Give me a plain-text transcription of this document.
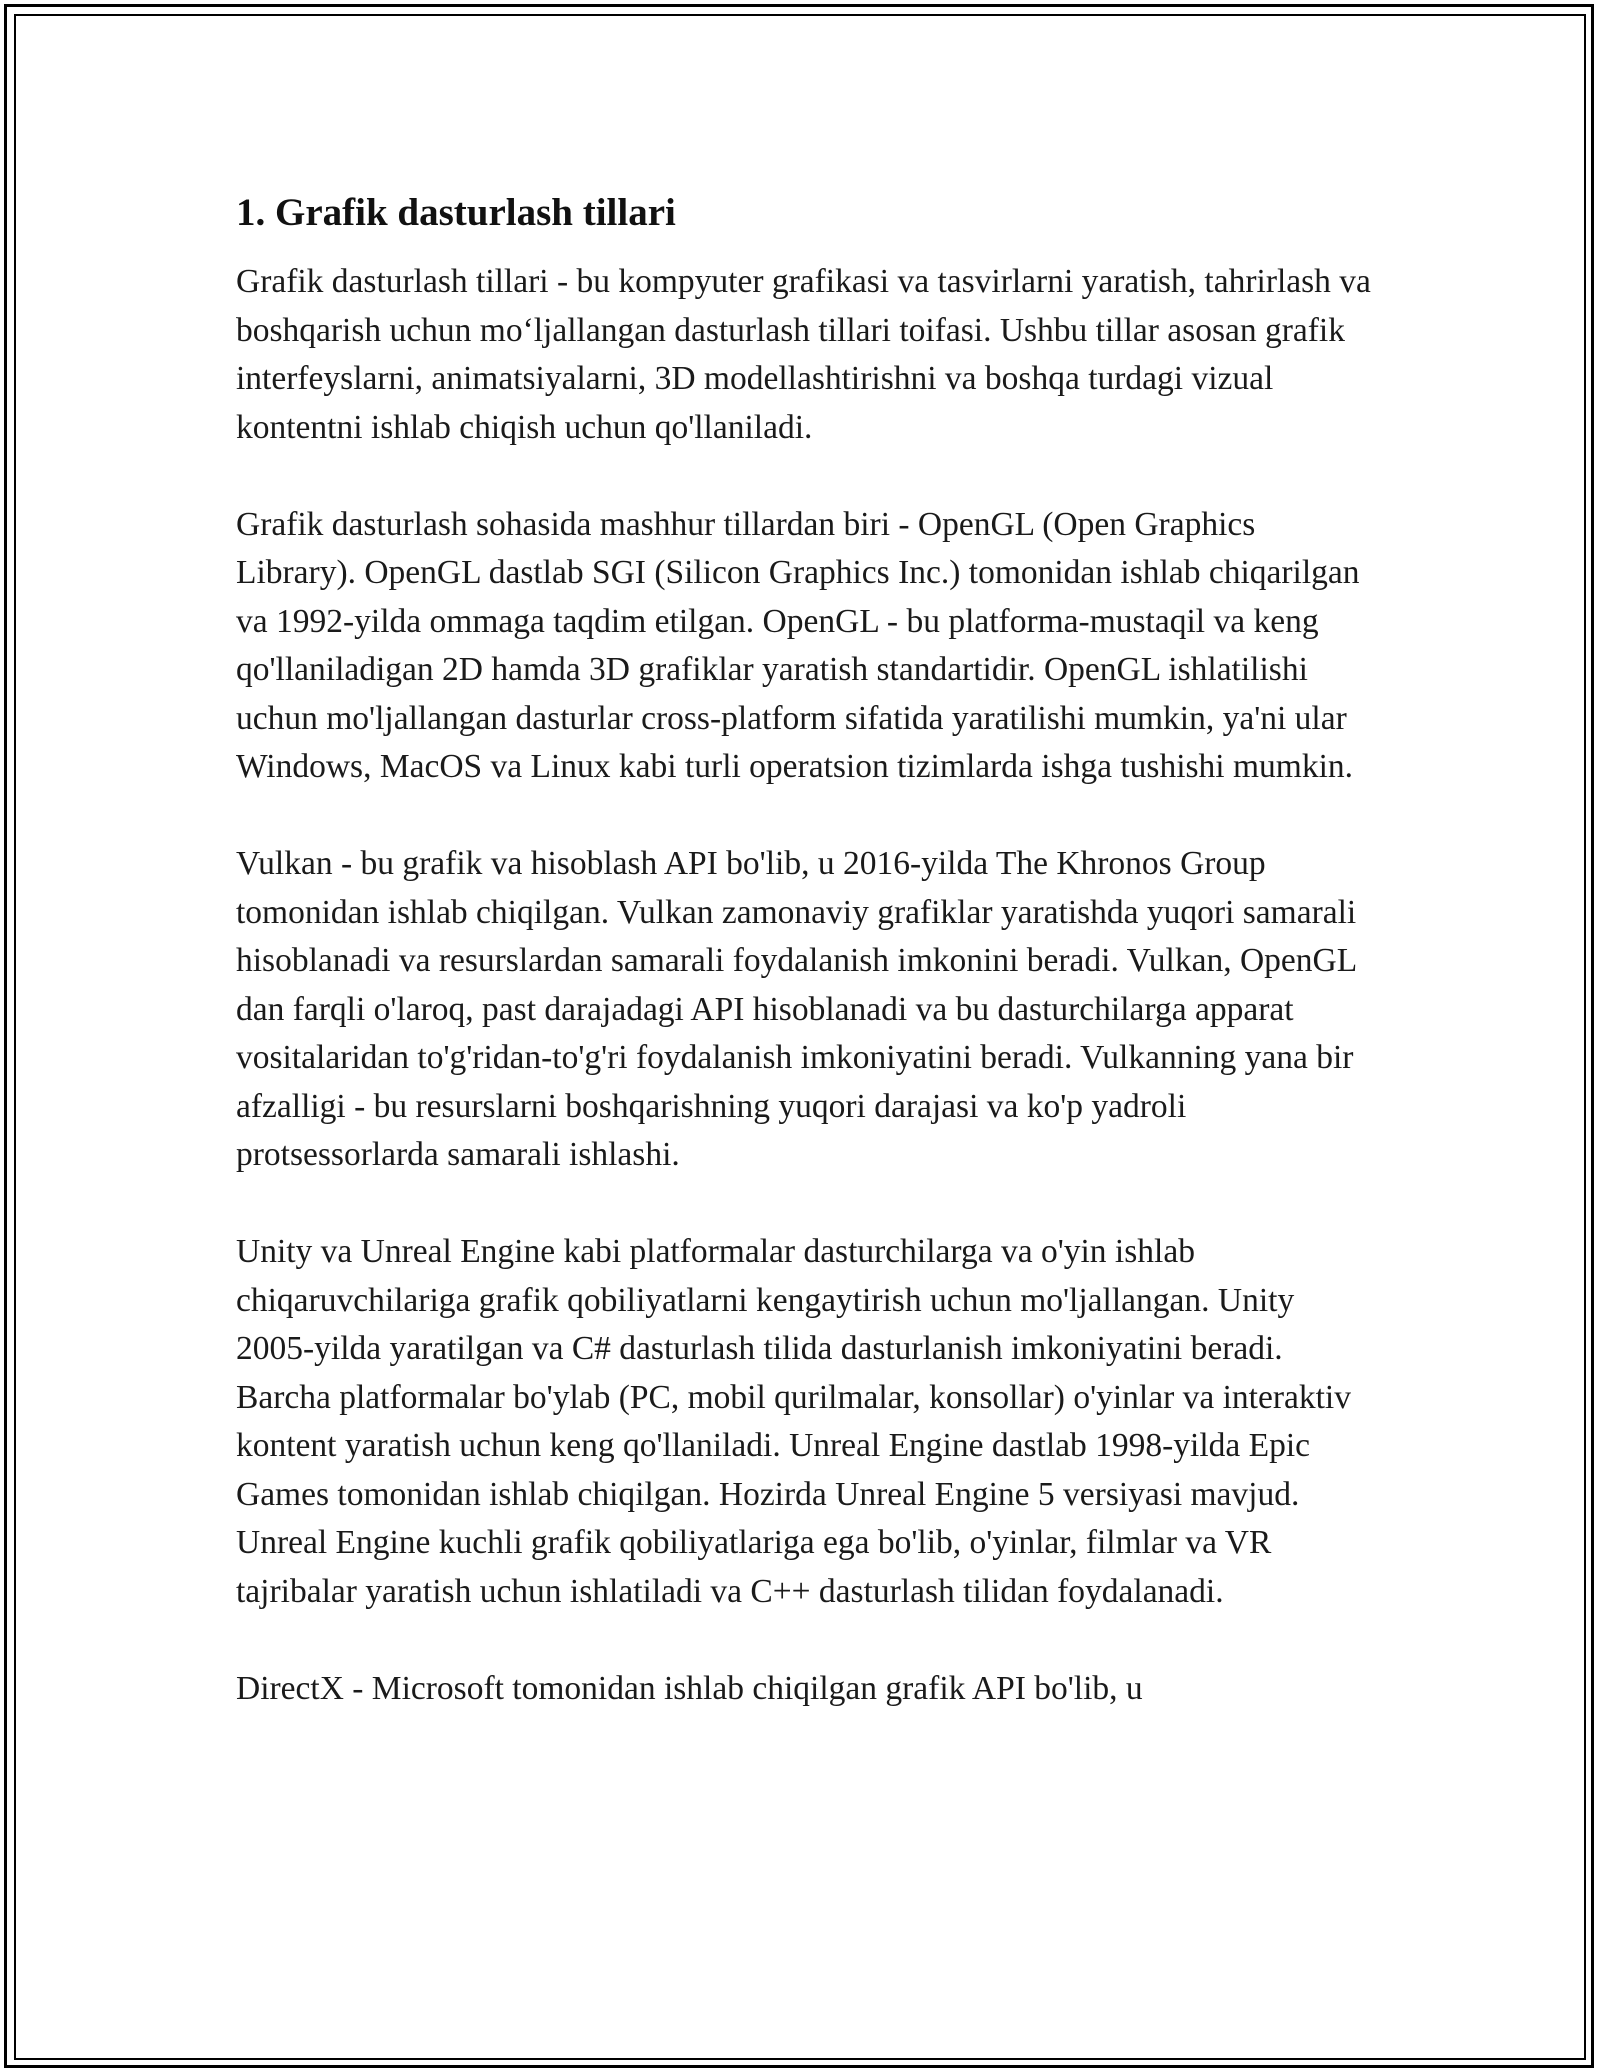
1. Grafik dasturlash tillari

Grafik dasturlash tillari - bu kompyuter grafikasi va tasvirlarni yaratish, tahrirlash va boshqarish uchun mo‘ljallangan dasturlash tillari toifasi. Ushbu tillar asosan grafik interfeyslarni, animatsiyalarni, 3D modellashtirishni va boshqa turdagi vizual kontentni ishlab chiqish uchun qo'llaniladi.

Grafik dasturlash sohasida mashhur tillardan biri - OpenGL (Open Graphics Library). OpenGL dastlab SGI (Silicon Graphics Inc.) tomonidan ishlab chiqarilgan va 1992-yilda ommaga taqdim etilgan. OpenGL - bu platforma-mustaqil va keng qo'llaniladigan 2D hamda 3D grafiklar yaratish standartidir. OpenGL ishlatilishi uchun mo'ljallangan dasturlar cross-platform sifatida yaratilishi mumkin, ya'ni ular Windows, MacOS va Linux kabi turli operatsion tizimlarda ishga tushishi mumkin.

Vulkan - bu grafik va hisoblash API bo'lib, u 2016-yilda The Khronos Group tomonidan ishlab chiqilgan. Vulkan zamonaviy grafiklar yaratishda yuqori samarali hisoblanadi va resurslardan samarali foydalanish imkonini beradi. Vulkan, OpenGL dan farqli o'laroq, past darajadagi API hisoblanadi va bu dasturchilarga apparat vositalaridan to'g'ridan-to'g'ri foydalanish imkoniyatini beradi. Vulkanning yana bir afzalligi - bu resurslarni boshqarishning yuqori darajasi va ko'p yadroli protsessorlarda samarali ishlashi.

Unity va Unreal Engine kabi platformalar dasturchilarga va o'yin ishlab chiqaruvchilariga grafik qobiliyatlarni kengaytirish uchun mo'ljallangan. Unity 2005-yilda yaratilgan va C# dasturlash tilida dasturlanish imkoniyatini beradi. Barcha platformalar bo'ylab (PC, mobil qurilmalar, konsollar) o'yinlar va interaktiv kontent yaratish uchun keng qo'llaniladi. Unreal Engine dastlab 1998-yilda Epic Games tomonidan ishlab chiqilgan. Hozirda Unreal Engine 5 versiyasi mavjud. Unreal Engine kuchli grafik qobiliyatlariga ega bo'lib, o'yinlar, filmlar va VR tajribalar yaratish uchun ishlatiladi va C++ dasturlash tilidan foydalanadi.

DirectX - Microsoft tomonidan ishlab chiqilgan grafik API bo'lib, u
